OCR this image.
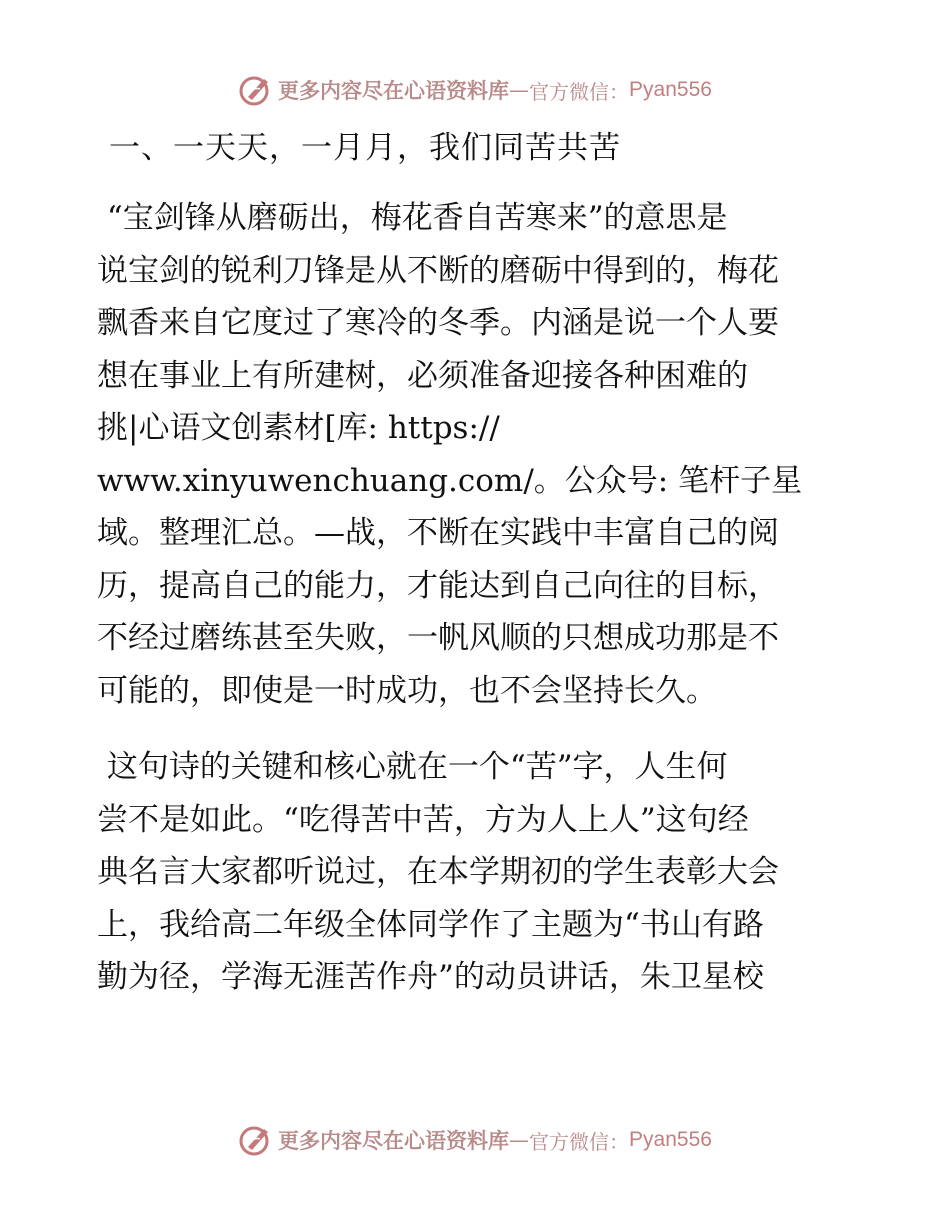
更多内容尽在心语资料库 — 官方微信： Pyan556
一、一天天，一月月，我们同苦共苦
“宝剑锋从磨砺出，梅花香自苦寒来”的意思是
说宝剑的锐利刀锋是从不断的磨砺中得到的，梅花
飘香来自它度过了寒冷的冬季。内涵是说一个人要
想在事业上有所建树，必须准备迎接各种困难的
挑|心语文创素材[库: https://
www.xinyuwenchuang.com/。公众号: 笔杆子星
域。整理汇总。—战，不断在实践中丰富自己的阅
历，提高自己的能力，才能达到自己向往的目标，
不经过磨练甚至失败，一帆风顺的只想成功那是不
可能的，即使是一时成功，也不会坚持长久。
这句诗的关键和核心就在一个“苦”字，人生何
尝不是如此。“吃得苦中苦，方为人上人”这句经
典名言大家都听说过，在本学期初的学生表彰大会
上，我给高二年级全体同学作了主题为“书山有路
勤为径，学海无涯苦作舟”的动员讲话，朱卫星校
更多内容尽在心语资料库 — 官方微信： Pyan556
